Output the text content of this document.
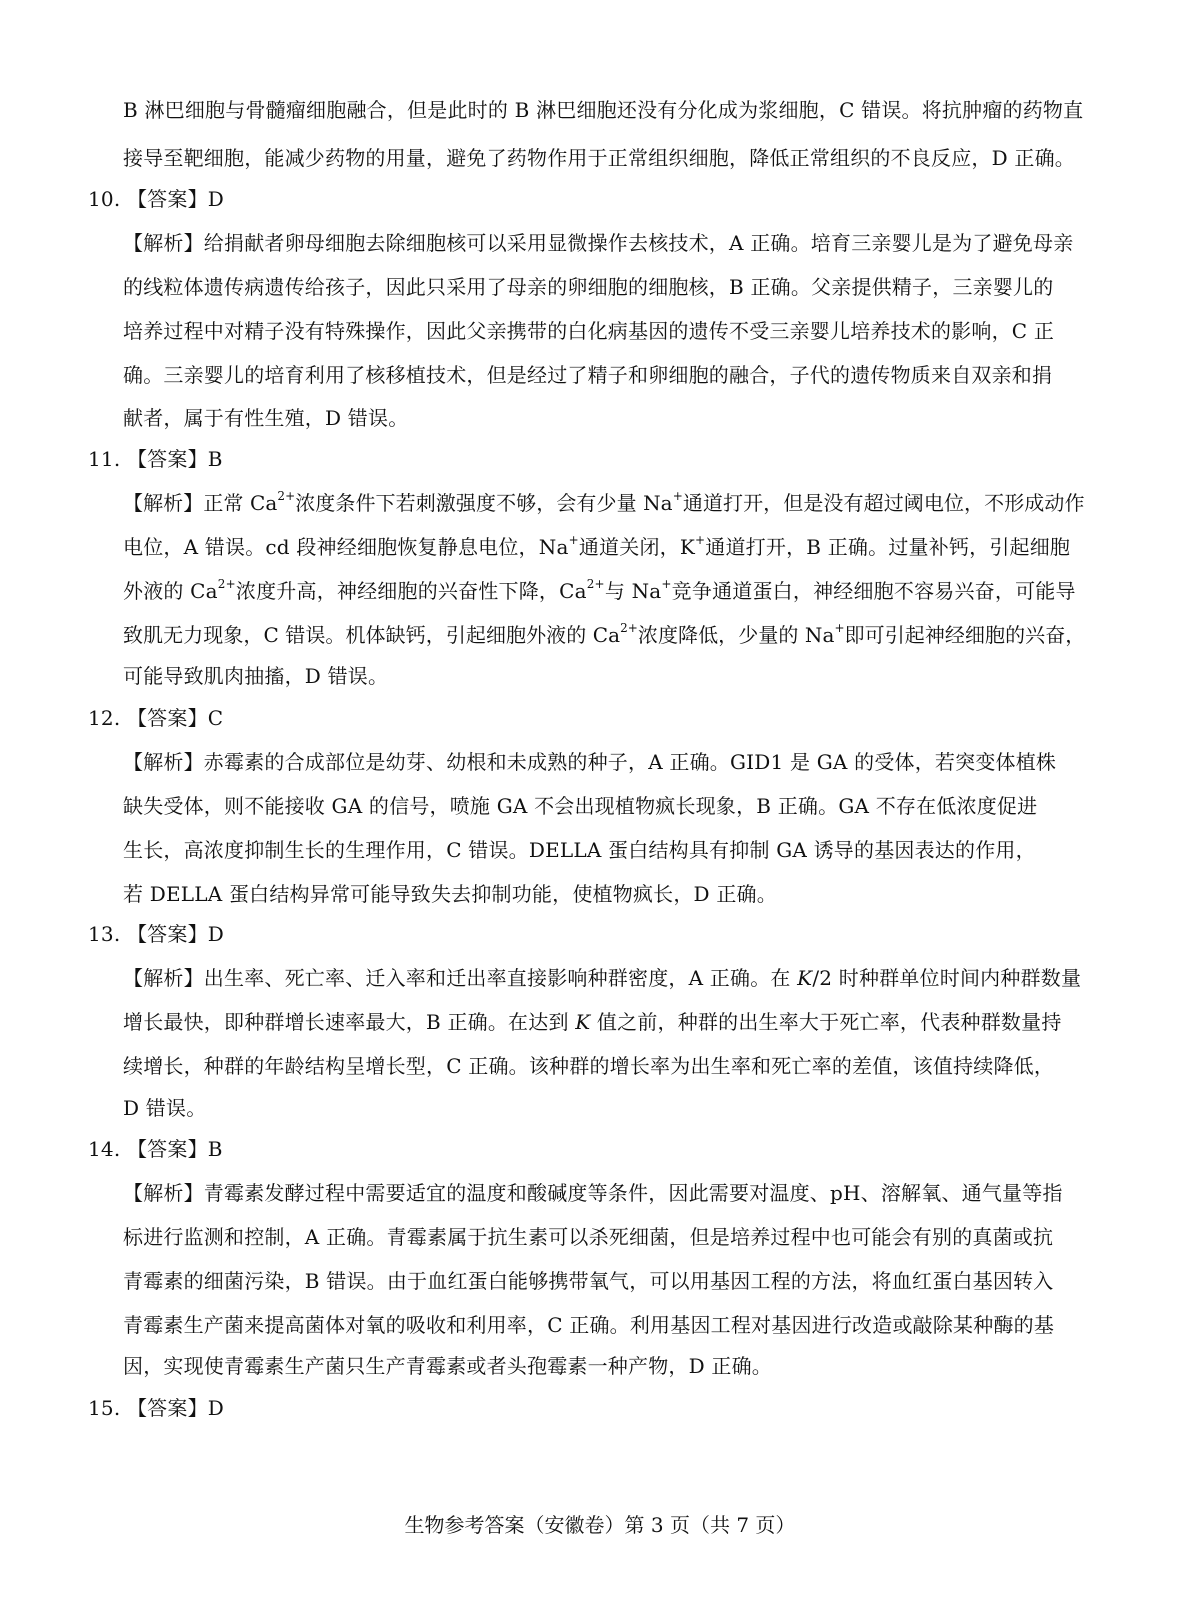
B 淋巴细胞与骨髓瘤细胞融合，但是此时的 B 淋巴细胞还没有分化成为浆细胞，C 错误。将抗肿瘤的药物直
接导至靶细胞，能减少药物的用量，避免了药物作用于正常组织细胞，降低正常组织的不良反应，D 正确。
10. 【答案】D
【解析】给捐献者卵母细胞去除细胞核可以采用显微操作去核技术，A 正确。培育三亲婴儿是为了避免母亲
的线粒体遗传病遗传给孩子，因此只采用了母亲的卵细胞的细胞核，B 正确。父亲提供精子，三亲婴儿的
培养过程中对精子没有特殊操作，因此父亲携带的白化病基因的遗传不受三亲婴儿培养技术的影响，C 正
确。三亲婴儿的培育利用了核移植技术，但是经过了精子和卵细胞的融合，子代的遗传物质来自双亲和捐
献者，属于有性生殖，D 错误。
11. 【答案】B
【解析】正常 $Ca^{2+}$浓度条件下若刺激强度不够，会有少量 Na+通道打开，但是没有超过阈电位，不形成动作
电位，A 错误。cd 段神经细胞恢复静息电位，Na+通道关闭，K+通道打开，B 正确。过量补钙，引起细胞
外液的 $Ca^{2+}$浓度升高，神经细胞的兴奋性下降，$Ca^{2+}$与 Na+竞争通道蛋白，神经细胞不容易兴奋，可能导
致肌无力现象，C 错误。机体缺钙，引起细胞外液的 $Ca^{2+}$浓度降低，少量的 Na+即可引起神经细胞的兴奋，
可能导致肌肉抽搐，D 错误。
12. 【答案】C
【解析】赤霉素的合成部位是幼芽、幼根和未成熟的种子，A 正确。GID1 是 GA 的受体，若突变体植株
缺失受体，则不能接收 GA 的信号，喷施 GA 不会出现植物疯长现象，B 正确。GA 不存在低浓度促进
生长，高浓度抑制生长的生理作用，C 错误。DELLA 蛋白结构具有抑制 GA 诱导的基因表达的作用，
若 DELLA 蛋白结构异常可能导致失去抑制功能，使植物疯长，D 正确。
13. 【答案】D
【解析】出生率、死亡率、迁入率和迁出率直接影响种群密度，A 正确。在 K/2 时种群单位时间内种群数量
增长最快，即种群增长速率最大，B 正确。在达到 K 值之前，种群的出生率大于死亡率，代表种群数量持
续增长，种群的年龄结构呈增长型，C 正确。该种群的增长率为出生率和死亡率的差值，该值持续降低，
D 错误。
14. 【答案】B
【解析】青霉素发酵过程中需要适宜的温度和酸碱度等条件，因此需要对温度、pH、溶解氧、通气量等指
标进行监测和控制，A 正确。青霉素属于抗生素可以杀死细菌，但是培养过程中也可能会有别的真菌或抗
青霉素的细菌污染，B 错误。由于血红蛋白能够携带氧气，可以用基因工程的方法，将血红蛋白基因转入
青霉素生产菌来提高菌体对氧的吸收和利用率，C 正确。利用基因工程对基因进行改造或敲除某种酶的基
因，实现使青霉素生产菌只生产青霉素或者头孢霉素一种产物，D 正确。
15. 【答案】D
生物参考答案（安徽卷）第 3 页（共 7 页）
